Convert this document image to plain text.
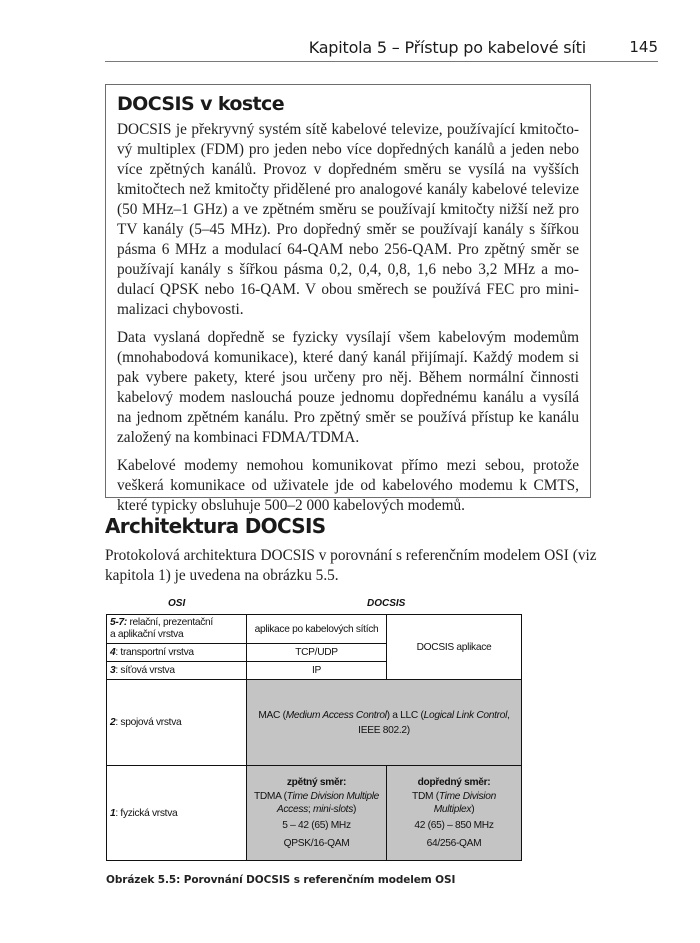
Kapitola 5 – Přístup po kabelové síti	145
DOCSIS v kostce

DOCSIS je překryvný systém sítě kabelové televize, používající kmitočtový multiplex (FDM) pro jeden nebo více dopředných kanálů a jeden nebo více zpětných kanálů. Provoz v dopředném směru se vysílá na vyšších kmitočtech než kmitočty přidělené pro analogové kanály kabelové televize (50 MHz–1 GHz) a ve zpětném směru se používají kmitočty nižší než pro TV kanály (5–45 MHz). Pro dopředný směr se používají kanály s šířkou pásma 6 MHz a modulací 64-QAM nebo 256-QAM. Pro zpětný směr se používají kanály s šířkou pásma 0,2, 0,4, 0,8, 1,6 nebo 3,2 MHz a modulací QPSK nebo 16-QAM. V obou směrech se používá FEC pro minimalizaci chybovosti.

Data vyslaná dopředně se fyzicky vysílají všem kabelovým modemům (mnohabodová komunikace), které daný kanál přijímají. Každý modem si pak vybere pakety, které jsou určeny pro něj. Během normální činnosti kabelový modem naslouchá pouze jednomu dopřednému kanálu a vysílá na jednom zpětném kanálu. Pro zpětný směr se používá přístup ke kanálu založený na kombinaci FDMA/TDMA.

Kabelové modemy nemohou komunikovat přímo mezi sebou, protože veškerá komunikace od uživatele jde od kabelového modemu k CMTS, které typicky obsluhuje 500–2 000 kabelových modemů.

Architektura DOCSIS

Protokolová architektura DOCSIS v porovnání s referenčním modelem OSI (viz kapitola 1) je uvedena na obrázku 5.5.

OSI	DOCSIS
5-7: relační, prezentační
a aplikační vrstva	aplikace po kabelových sítích	DOCSIS aplikace
4: transportní vrstva	TCP/UDP	
3: síťová vrstva	IP	
2: spojová vrstva	MAC (Medium Access Control) a LLC (Logical Link Control, IEEE 802.2)	
1: fyzická vrstva	zpětný směr:
TDMA (Time Division Multiple Access; mini-slots)
5 – 42 (65) MHz
QPSK/16-QAM	dopředný směr:
TDM (Time Division Multiplex)
42 (65) – 850 MHz
64/256-QAM
Obrázek 5.5: Porovnání DOCSIS s referenčním modelem OSI
